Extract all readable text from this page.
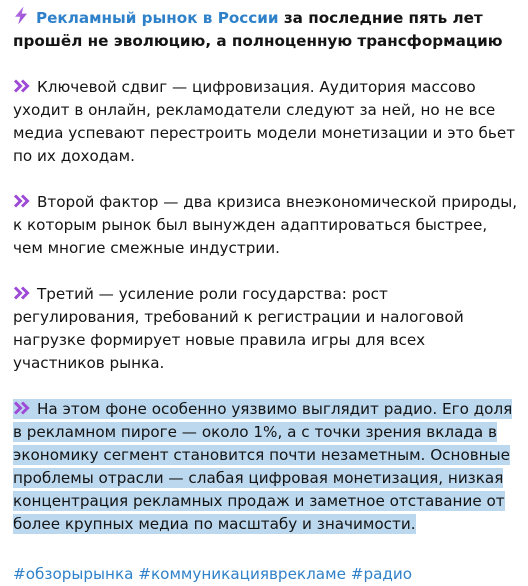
Рекламный рынок в России за последние пять лет прошёл не эволюцию, а полноценную трансформацию

Ключевой сдвиг — цифровизация. Аудитория массово уходит в онлайн, рекламодатели следуют за ней, но не все медиа успевают перестроить модели монетизации и это бьет по их доходам.

Второй фактор — два кризиса внеэкономической природы, к которым рынок был вынужден адаптироваться быстрее, чем многие смежные индустрии.

Третий — усиление роли государства: рост регулирования, требований к регистрации и налоговой нагрузке формирует новые правила игры для всех участников рынка.

На этом фоне особенно уязвимо выглядит радио. Его доля в рекламном пироге — около 1%, а с точки зрения вклада в экономику сегмент становится почти незаметным. Основные проблемы отрасли — слабая цифровая монетизация, низкая концентрация рекламных продаж и заметное отставание от более крупных медиа по масштабу и значимости.

#обзорырынка #коммуникацияврекламе #радио
